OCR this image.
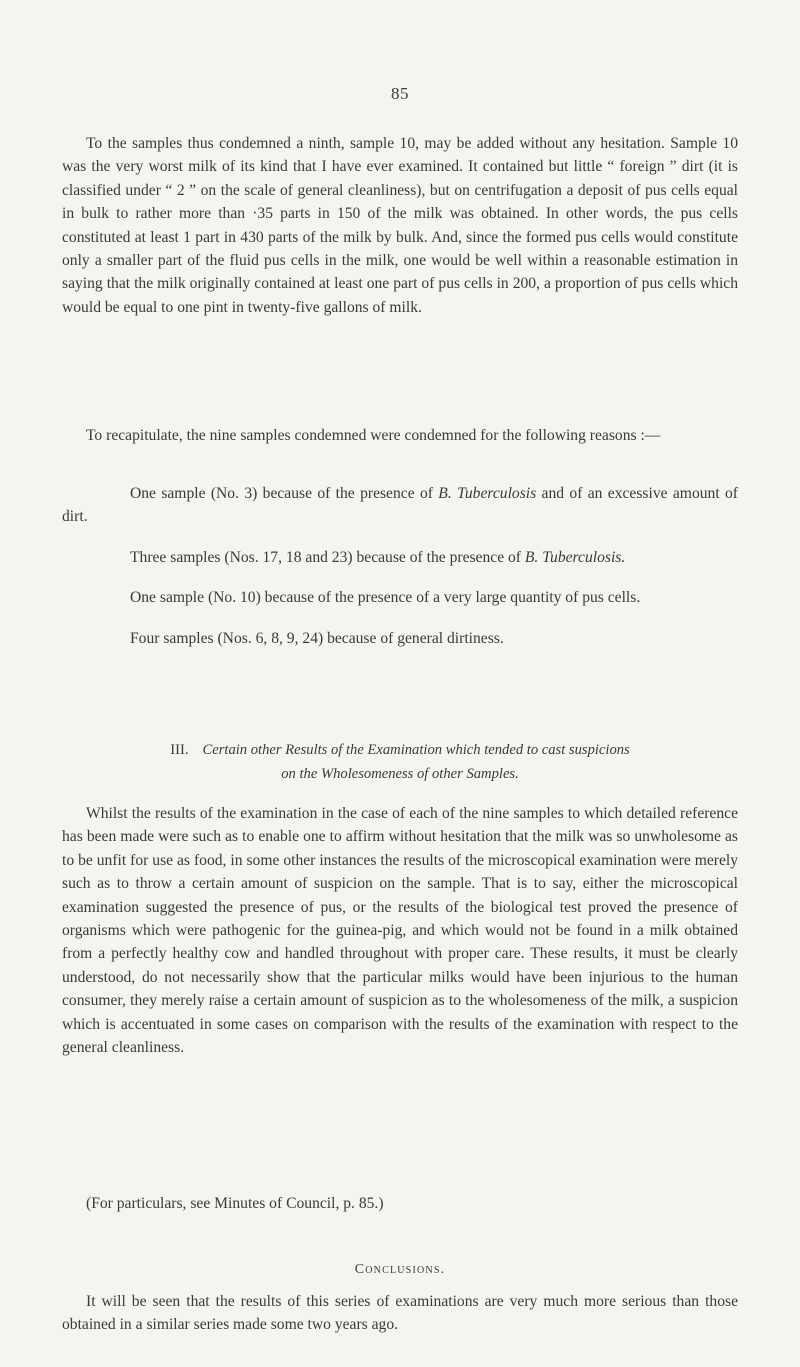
85

To the samples thus condemned a ninth, sample 10, may be added without any hesitation. Sample 10 was the very worst milk of its kind that I have ever examined. It contained but little “ foreign ” dirt (it is classified under “ 2 ” on the scale of general cleanliness), but on centrifugation a deposit of pus cells equal in bulk to rather more than ·35 parts in 150 of the milk was obtained. In other words, the pus cells constituted at least 1 part in 430 parts of the milk by bulk. And, since the formed pus cells would constitute only a smaller part of the fluid pus cells in the milk, one would be well within a reasonable estimation in saying that the milk originally contained at least one part of pus cells in 200, a proportion of pus cells which would be equal to one pint in twenty-five gallons of milk.

To recapitulate, the nine samples condemned were condemned for the following reasons :—

One sample (No. 3) because of the presence of B. Tuberculosis and of an excessive amount of dirt.

Three samples (Nos. 17, 18 and 23) because of the presence of B. Tuberculosis.

One sample (No. 10) because of the presence of a very large quantity of pus cells.

Four samples (Nos. 6, 8, 9, 24) because of general dirtiness.

III. Certain other Results of the Examination which tended to cast suspicions
on the Wholesomeness of other Samples.

Whilst the results of the examination in the case of each of the nine samples to which detailed reference has been made were such as to enable one to affirm without hesitation that the milk was so unwholesome as to be unfit for use as food, in some other instances the results of the microscopical examination were merely such as to throw a certain amount of suspicion on the sample. That is to say, either the microscopical examination suggested the presence of pus, or the results of the biological test proved the presence of organisms which were pathogenic for the guinea-pig, and which would not be found in a milk obtained from a perfectly healthy cow and handled throughout with proper care. These results, it must be clearly understood, do not necessarily show that the particular milks would have been injurious to the human consumer, they merely raise a certain amount of suspicion as to the wholesomeness of the milk, a suspicion which is accentuated in some cases on comparison with the results of the examination with respect to the general cleanliness.

(For particulars, see Minutes of Council, p. 85.)

Conclusions.

It will be seen that the results of this series of examinations are very much more serious than those obtained in a similar series made some two years ago.
